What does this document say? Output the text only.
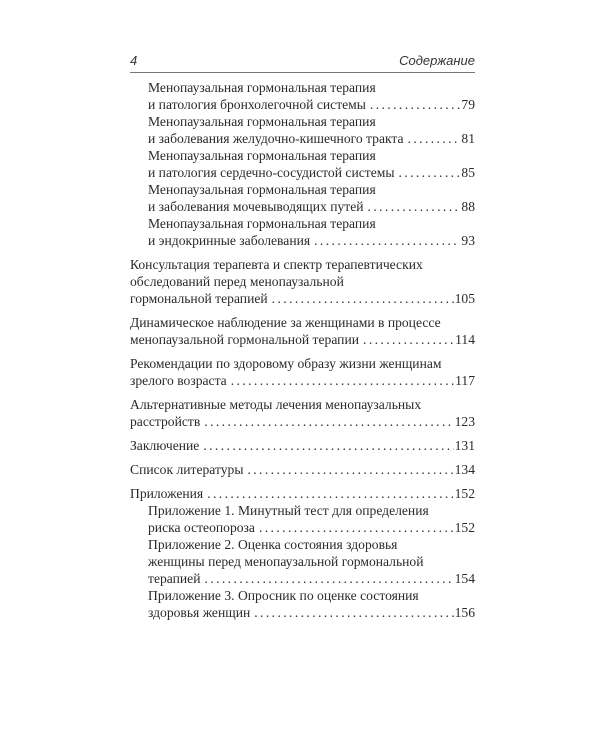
4	Содержание
Менопаузальная гормональная терапия
и патология бронхолегочной системы . . .	79
Менопаузальная гормональная терапия
и заболевания желудочно-кишечного тракта . . .	81
Менопаузальная гормональная терапия
и патология сердечно-сосудистой системы . . .	85
Менопаузальная гормональная терапия
и заболевания мочевыводящих путей . . .	88
Менопаузальная гормональная терапия
и эндокринные заболевания . . .	93
Консультация терапевта и спектр терапевтических
обследований перед менопаузальной
гормональной терапией . . .	105
Динамическое наблюдение за женщинами в процессе
менопаузальной гормональной терапии . . .	114
Рекомендации по здоровому образу жизни женщинам
зрелого возраста . . .	117
Альтернативные методы лечения менопаузальных
расстройств . . .	123
Заключение . . .	131
Список литературы . . .	134
Приложения . . .	152
Приложение 1. Минутный тест для определения
риска остеопороза . . .	152
Приложение 2. Оценка состояния здоровья
женщины перед менопаузальной гормональной
терапией . . .	154
Приложение 3. Опросник по оценке состояния
здоровья женщин . . .	156
